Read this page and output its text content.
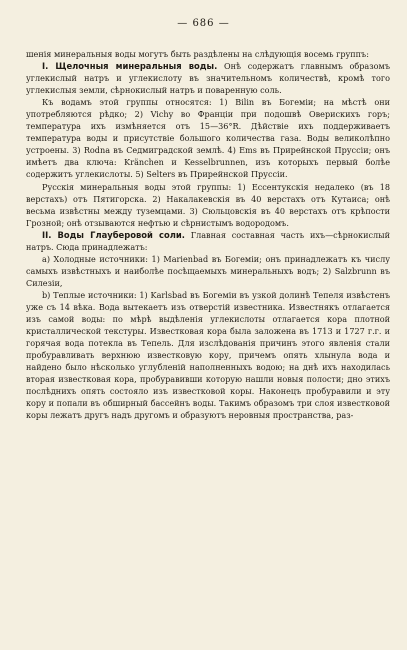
— 686 —

шенія минеральныя воды могутъ быть раздѣлены на слѣдующія восемь группъ:

I. Щелочныя минеральныя воды. Онѣ содержатъ главнымъ образомъ углекислый натръ и углекислоту въ значительномъ количествѣ, кромѣ того углекислыя земли, сѣрнокислый натръ и поваренную соль.

Къ водамъ этой группы относятся: 1) Bilin въ Богеміи; на мѣстѣ они употребляются рѣдко; 2) Vichy во Франціи при подошвѣ Оверискихъ горъ; температура ихъ измѣняется отъ 15—36°R. Дѣйствіе ихъ поддерживаетъ температура воды и присутствіе большого количества газа. Воды великолѣпно устроены. 3) Rodna въ Седмиградской землѣ. 4) Ems въ Прирейнской Пруссіи; онъ имѣетъ два ключа: Kränchen и Kesselbrunnen, изъ которыхъ первый болѣе содержитъ углекислоты. 5) Selters въ Прирейнской Пруссіи.

Русскія минеральныя воды этой группы: 1) Ессентукскія недалеко (въ 18 верстахъ) отъ Пятигорска. 2) Накалакевскія въ 40 верстахъ отъ Кутаиса; онѣ весьма извѣстны между туземцами. 3) Сюльцовскія въ 40 верстахъ отъ крѣпости Грозной; онѣ отзываются нефтью и сѣрнистымъ водородомъ.

II. Воды Глауберовой соли. Главная составная часть ихъ—сѣрнокислый натръ. Сюда принадлежатъ:

a) Холодные источники: 1) Marienbad въ Богеміи; онъ принадлежатъ къ числу самыхъ извѣстныхъ и наиболѣе посѣщаемыхъ минеральныхъ водъ; 2) Salzbrunn въ Силезіи,

b) Теплые источники: 1) Karlsbad въ Богеміи въ узкой долинѣ Тепеля извѣстенъ уже съ 14 вѣка. Вода вытекаетъ изъ отверстій известника. Известнякъ отлагается изъ самой воды: по мѣрѣ выдѣленія углекислоты отлагается кора плотной кристаллической текстуры. Известковая кора была заложена въ 1713 и 1727 г.г. и горячая вода потекла въ Тепель. Для изслѣдованія причинъ этого явленія стали пробуравливать верхнюю известковую кору, причемъ опять хлынула вода и найдено было нѣсколько углубленій наполненныхъ водою; на днѣ ихъ находилась вторая известковая кора, пробуравивши которую нашли новыя полости; дно этихъ послѣднихъ опять состояло изъ известковой коры. Наконецъ пробуравили и эту кору и попали въ обширный бассейнъ воды. Такимъ образомъ три слоя известковой коры лежатъ другъ надъ другомъ и образуютъ неровныя пространства, раз-
